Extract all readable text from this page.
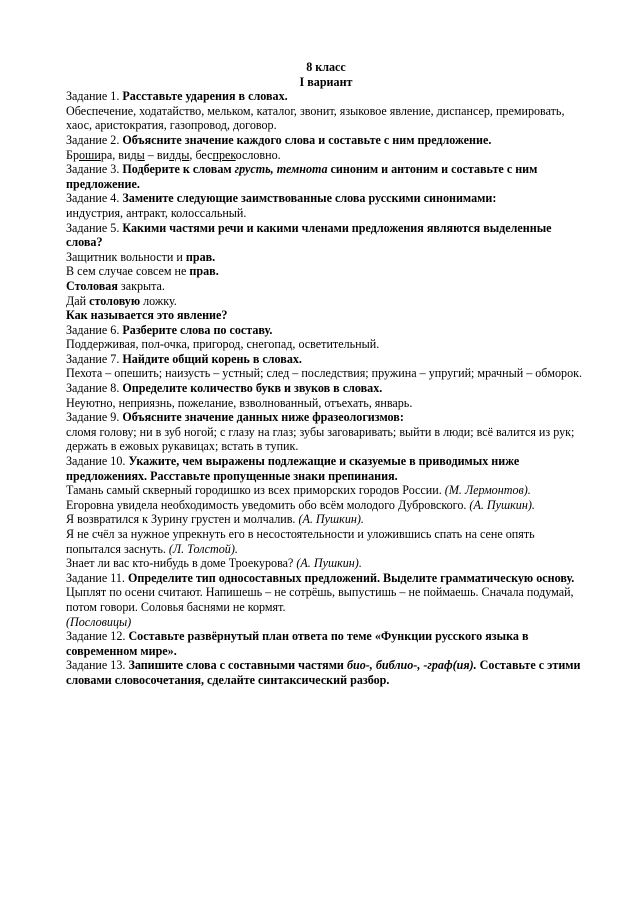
8 класс

I вариант

Задание 1. Расставьте ударения в словах.

Обеспечение, ходатайство, мельком, каталог, звонит, языковое явление, диспансер, премировать, хаос, аристократия, газопровод, договор.

Задание 2. Объясните значение каждого слова и составьте с ним предложение.

Брошира, виды – вилды, беспрекословно.

Задание 3. Подберите к словам грусть, темнота синоним и антоним и составьте с ним предложение.

Задание 4. Замените следующие заимствованные слова русскими синонимами:

индустрия, антракт, колоссальный.

Задание 5. Какими частями речи и какими членами предложения являются выделенные слова?

Защитник вольности и прав.

В сем случае совсем не прав.

Столовая закрыта.

Дай столовую ложку.

Как называется это явление?

Задание 6. Разберите слова по составу.

Поддерживая, пол-очка, пригород, снегопад, осветительный.

Задание 7. Найдите общий корень в словах.

Пехота – опешить; наизусть – устный; след – последствия; пружина – упругий; мрачный – обморок.

Задание 8. Определите количество букв и звуков в словах.

Неуютно, неприязнь, пожелание, взволнованный, отъехать, январь.

Задание 9. Объясните значение данных ниже фразеологизмов:

сломя голову; ни в зуб ногой; с глазу на глаз; зубы заговаривать; выйти в люди; всё валится из рук; держать в ежовых рукавицах; встать в тупик.

Задание 10. Укажите, чем выражены подлежащие и сказуемые в приводимых ниже предложениях. Расставьте пропущенные знаки препинания.

Тамань самый скверный городишко из всех приморских городов России. (М. Лермонтов).

Егоровна увидела необходимость уведомить обо всём молодого Дубровского. (А. Пушкин).

Я возвратился к Зурину грустен и молчалив. (А. Пушкин).

Я не счёл за нужное упрекнуть его в несостоятельности и уложившись спать на сене опять попытался заснуть. (Л. Толстой).

Знает ли вас кто-нибудь в доме Троекурова? (А. Пушкин).

Задание 11. Определите тип односоставных предложений. Выделите грамматическую основу.

Цыплят по осени считают. Напишешь – не сотрёшь, выпустишь – не поймаешь. Сначала подумай, потом говори. Соловья баснями не кормят.

(Пословицы)

Задание 12. Составьте развёрнутый план ответа по теме «Функции русского языка в современном мире».

Задание 13. Запишите слова с составными частями био-, библио-, -граф(ия). Составьте с этими словами словосочетания, сделайте синтаксический разбор.
